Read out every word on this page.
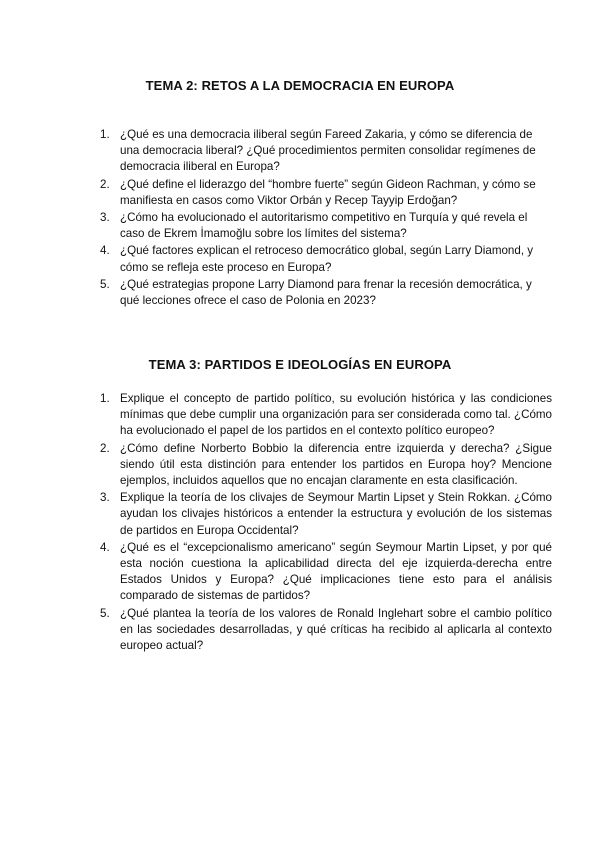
TEMA 2: RETOS A LA DEMOCRACIA EN EUROPA
1. ¿Qué es una democracia iliberal según Fareed Zakaria, y cómo se diferencia de una democracia liberal? ¿Qué procedimientos permiten consolidar regímenes de democracia iliberal en Europa?
2. ¿Qué define el liderazgo del “hombre fuerte” según Gideon Rachman, y cómo se manifiesta en casos como Viktor Orbán y Recep Tayyip Erdoğan?
3. ¿Cómo ha evolucionado el autoritarismo competitivo en Turquía y qué revela el caso de Ekrem İmamoğlu sobre los límites del sistema?
4. ¿Qué factores explican el retroceso democrático global, según Larry Diamond, y cómo se refleja este proceso en Europa?
5. ¿Qué estrategias propone Larry Diamond para frenar la recesión democrática, y qué lecciones ofrece el caso de Polonia en 2023?
TEMA 3: PARTIDOS E IDEOLOGÍAS EN EUROPA
1. Explique el concepto de partido político, su evolución histórica y las condiciones mínimas que debe cumplir una organización para ser considerada como tal. ¿Cómo ha evolucionado el papel de los partidos en el contexto político europeo?
2. ¿Cómo define Norberto Bobbio la diferencia entre izquierda y derecha? ¿Sigue siendo útil esta distinción para entender los partidos en Europa hoy? Mencione ejemplos, incluidos aquellos que no encajan claramente en esta clasificación.
3. Explique la teoría de los clivajes de Seymour Martin Lipset y Stein Rokkan. ¿Cómo ayudan los clivajes históricos a entender la estructura y evolución de los sistemas de partidos en Europa Occidental?
4. ¿Qué es el “excepcionalismo americano” según Seymour Martin Lipset, y por qué esta noción cuestiona la aplicabilidad directa del eje izquierda-derecha entre Estados Unidos y Europa? ¿Qué implicaciones tiene esto para el análisis comparado de sistemas de partidos?
5. ¿Qué plantea la teoría de los valores de Ronald Inglehart sobre el cambio político en las sociedades desarrolladas, y qué críticas ha recibido al aplicarla al contexto europeo actual?
